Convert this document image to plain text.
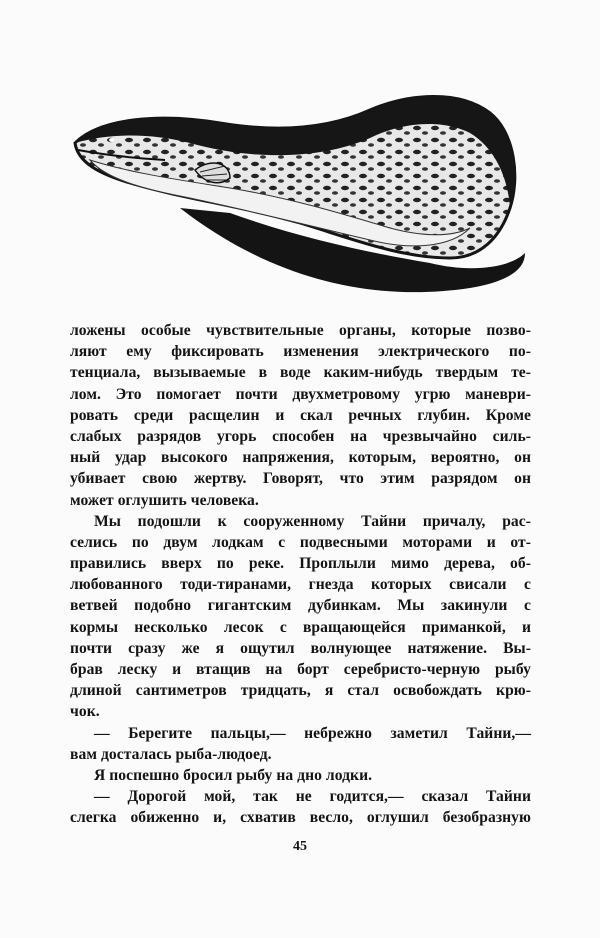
ложены особые чувствительные органы, которые позво-
ляют ему фиксировать изменения электрического по-
тенциала, вызываемые в воде каким-нибудь твердым те-
лом. Это помогает почти двухметровому угрю маневри-
ровать среди расщелин и скал речных глубин. Кроме
слабых разрядов угорь способен на чрезвычайно силь-
ный удар высокого напряжения, которым, вероятно, он
убивает свою жертву. Говорят, что этим разрядом он
может оглушить человека.
Мы подошли к сооруженному Тайни причалу, рас-
селись по двум лодкам с подвесными моторами и от-
правились вверх по реке. Проплыли мимо дерева, об-
любованного тоди-тиранами, гнезда которых свисали с
ветвей подобно гигантским дубинкам. Мы закинули с
кормы несколько лесок с вращающейся приманкой, и
почти сразу же я ощутил волнующее натяжение. Вы-
брав леску и втащив на борт серебристо-черную рыбу
длиной сантиметров тридцать, я стал освобождать крю-
чок.
— Берегите пальцы,— небрежно заметил Тайни,—
вам досталась рыба-людоед.
Я поспешно бросил рыбу на дно лодки.
— Дорогой мой, так не годится,— сказал Тайни
слегка обиженно и, схватив весло, оглушил безобразную
45
